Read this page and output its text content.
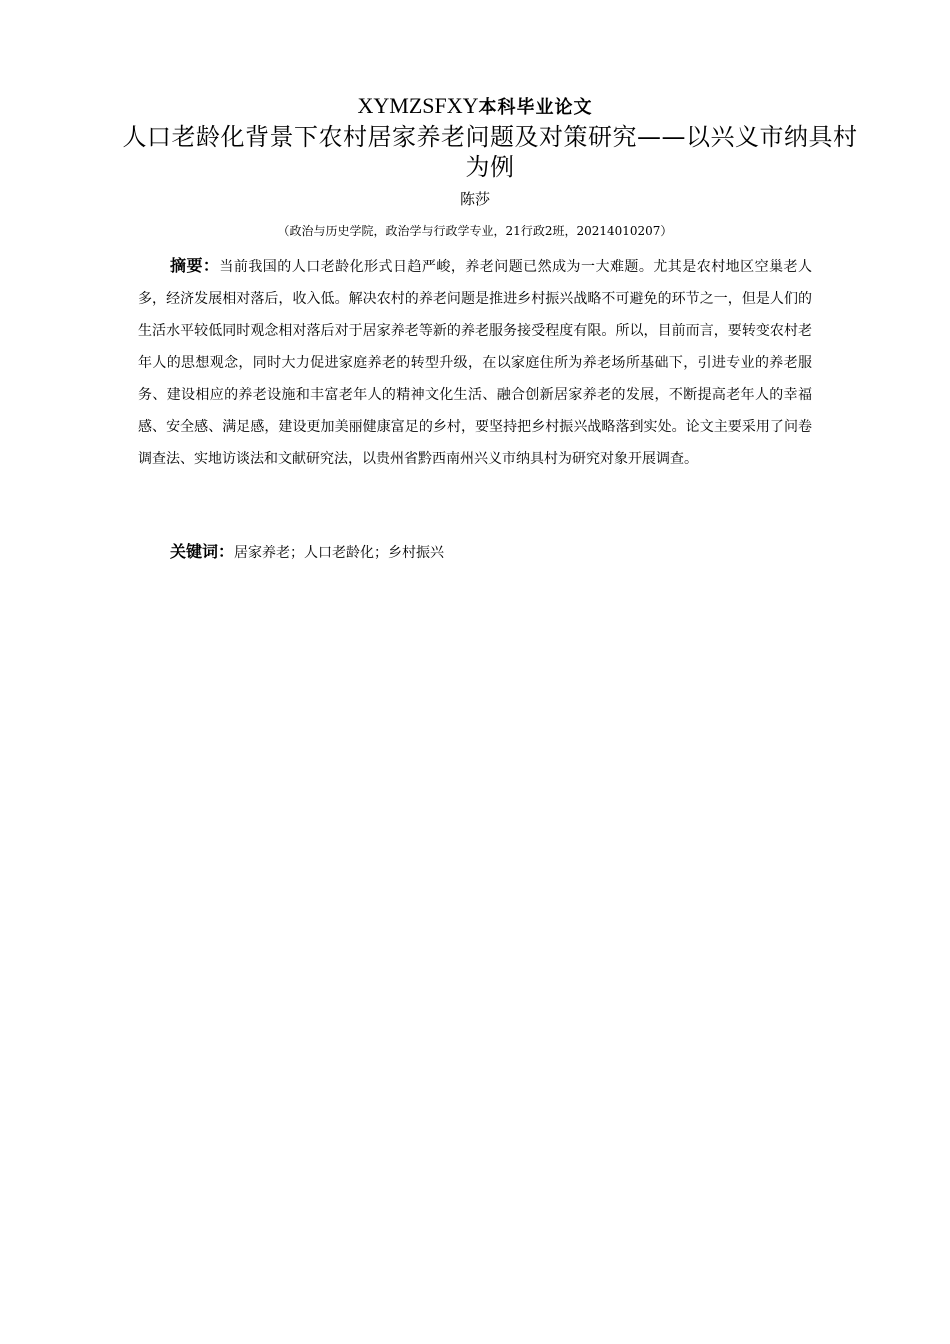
XYMZSFXY本科毕业论文
人口老龄化背景下农村居家养老问题及对策研究——以兴义市纳具村为例
陈莎
（政治与历史学院，政治学与行政学专业，21行政2班，20214010207）
摘要：当前我国的人口老龄化形式日趋严峻，养老问题已然成为一大难题。尤其是农村地区空巢老人多，经济发展相对落后，收入低。解决农村的养老问题是推进乡村振兴战略不可避免的环节之一，但是人们的生活水平较低同时观念相对落后对于居家养老等新的养老服务接受程度有限。所以，目前而言，要转变农村老年人的思想观念，同时大力促进家庭养老的转型升级，在以家庭住所为养老场所基础下，引进专业的养老服务、建设相应的养老设施和丰富老年人的精神文化生活、融合创新居家养老的发展，不断提高老年人的幸福感、安全感、满足感，建设更加美丽健康富足的乡村，要坚持把乡村振兴战略落到实处。论文主要采用了问卷调查法、实地访谈法和文献研究法，以贵州省黔西南州兴义市纳具村为研究对象开展调查。
关键词：居家养老；人口老龄化；乡村振兴
